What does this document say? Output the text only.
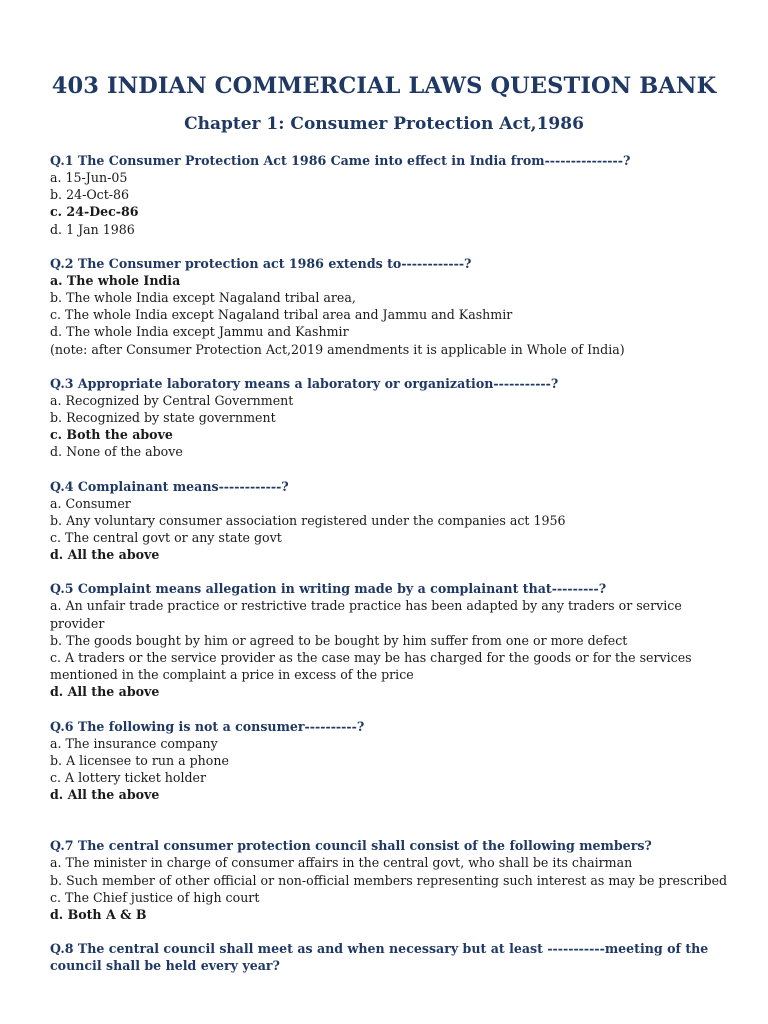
403 INDIAN COMMERCIAL LAWS QUESTION BANK
Chapter 1: Consumer Protection Act,1986

Q.1 The Consumer Protection Act 1986 Came into effect in India from---------------?

a. 15-Jun-05

b. 24-Oct-86

c. 24-Dec-86

d. 1 Jan 1986

Q.2 The Consumer protection act 1986 extends to------------?

a. The whole India

b. The whole India except Nagaland tribal area,

c. The whole India except Nagaland tribal area and Jammu and Kashmir

d. The whole India except Jammu and Kashmir

(note: after Consumer Protection Act,2019 amendments it is applicable in Whole of India)

Q.3 Appropriate laboratory means a laboratory or organization-----------?

a. Recognized by Central Government

b. Recognized by state government

c. Both the above

d. None of the above

Q.4 Complainant means------------?

a. Consumer

b. Any voluntary consumer association registered under the companies act 1956

c. The central govt or any state govt

d. All the above

Q.5 Complaint means allegation in writing made by a complainant that---------?

a. An unfair trade practice or restrictive trade practice has been adapted by any traders or service provider

b. The goods bought by him or agreed to be bought by him suffer from one or more defect

c. A traders or the service provider as the case may be has charged for the goods or for the services mentioned in the complaint a price in excess of the price

d. All the above

Q.6 The following is not a consumer----------?

a. The insurance company

b. A licensee to run a phone

c. A lottery ticket holder

d. All the above

Q.7 The central consumer protection council shall consist of the following members?

a. The minister in charge of consumer affairs in the central govt, who shall be its chairman

b. Such member of other official or non-official members representing such interest as may be prescribed

c. The Chief justice of high court

d. Both A & B

Q.8 The central council shall meet as and when necessary but at least -----------meeting of the council shall be held every year?
